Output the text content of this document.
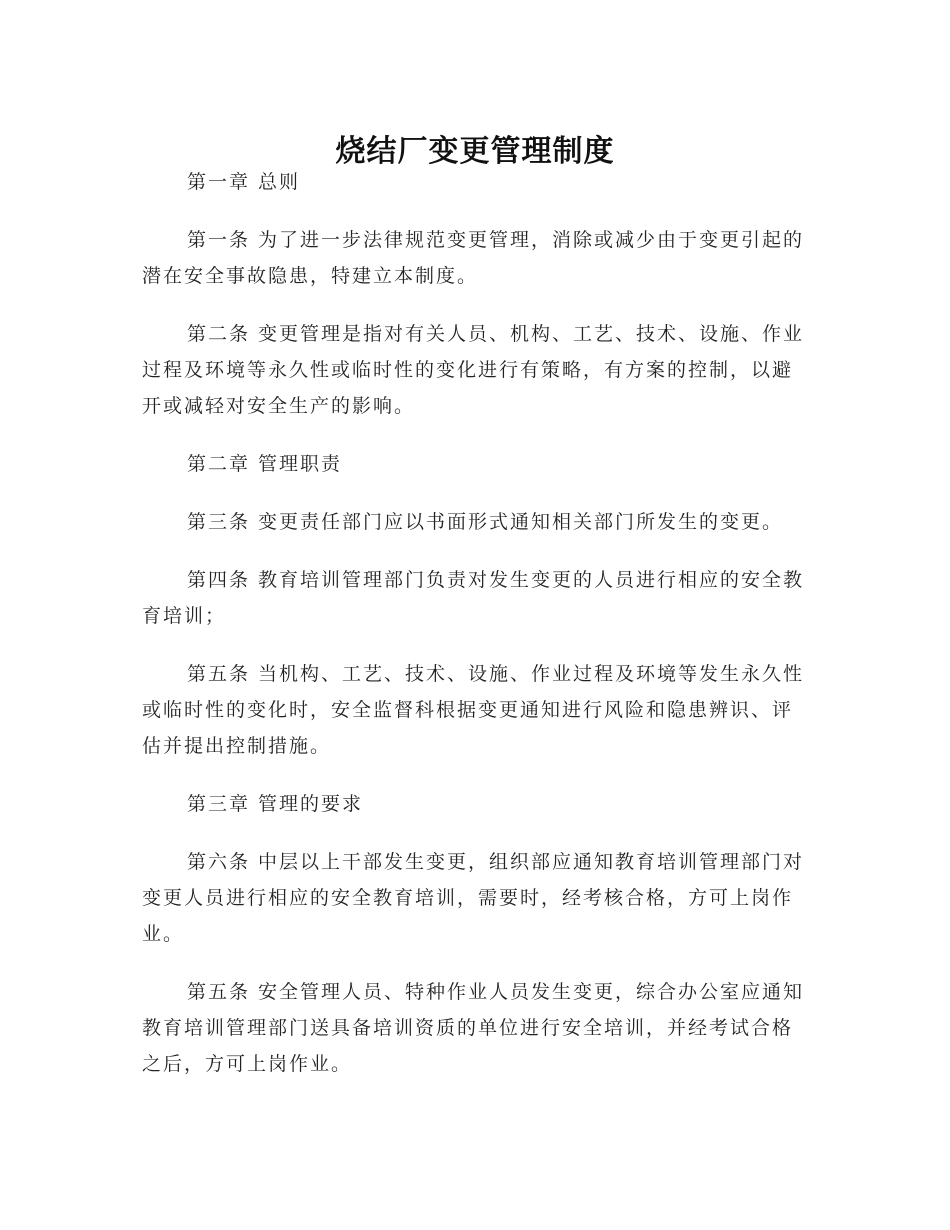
烧结厂变更管理制度

第一章 总则

第一条 为了进一步法律规范变更管理，消除或减少由于变更引起的潜在安全事故隐患，特建立本制度。

第二条 变更管理是指对有关人员、机构、工艺、技术、设施、作业过程及环境等永久性或临时性的变化进行有策略，有方案的控制，以避开或减轻对安全生产的影响。

第二章 管理职责

第三条 变更责任部门应以书面形式通知相关部门所发生的变更。

第四条 教育培训管理部门负责对发生变更的人员进行相应的安全教育培训；

第五条 当机构、工艺、技术、设施、作业过程及环境等发生永久性或临时性的变化时，安全监督科根据变更通知进行风险和隐患辨识、评估并提出控制措施。

第三章 管理的要求

第六条 中层以上干部发生变更，组织部应通知教育培训管理部门对变更人员进行相应的安全教育培训，需要时，经考核合格，方可上岗作业。

第五条 安全管理人员、特种作业人员发生变更，综合办公室应通知教育培训管理部门送具备培训资质的单位进行安全培训，并经考试合格之后，方可上岗作业。
